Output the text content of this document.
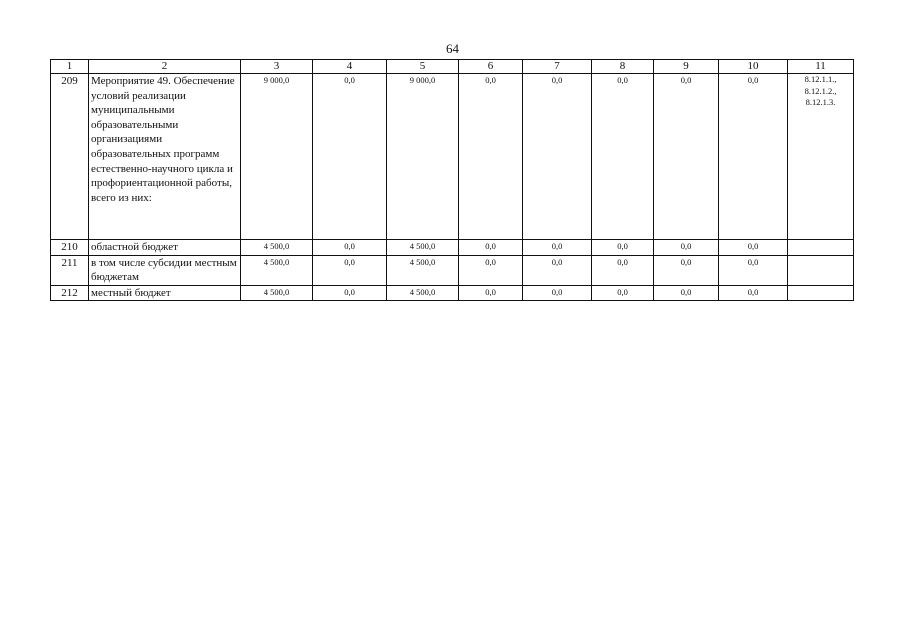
64
1	2	3	4	5	6	7	8	9	10	11
209	Мероприятие 49. Обеспечение условий реализации муниципальными образовательными организациями образовательных программ естественно-научного цикла и профориентационной работы, всего из них:	9 000,0	0,0	9 000,0	0,0	0,0	0,0	0,0	0,0	8.12.1.1.,
8.12.1.2.,
8.12.1.3.

210	областной бюджет	4 500,0	0,0	4 500,0	0,0	0,0	0,0	0,0	0,0	
211	в том числе субсидии местным бюджетам	4 500,0	0,0	4 500,0	0,0	0,0	0,0	0,0	0,0	
212	местный бюджет	4 500,0	0,0	4 500,0	0,0	0,0	0,0	0,0	0,0	
